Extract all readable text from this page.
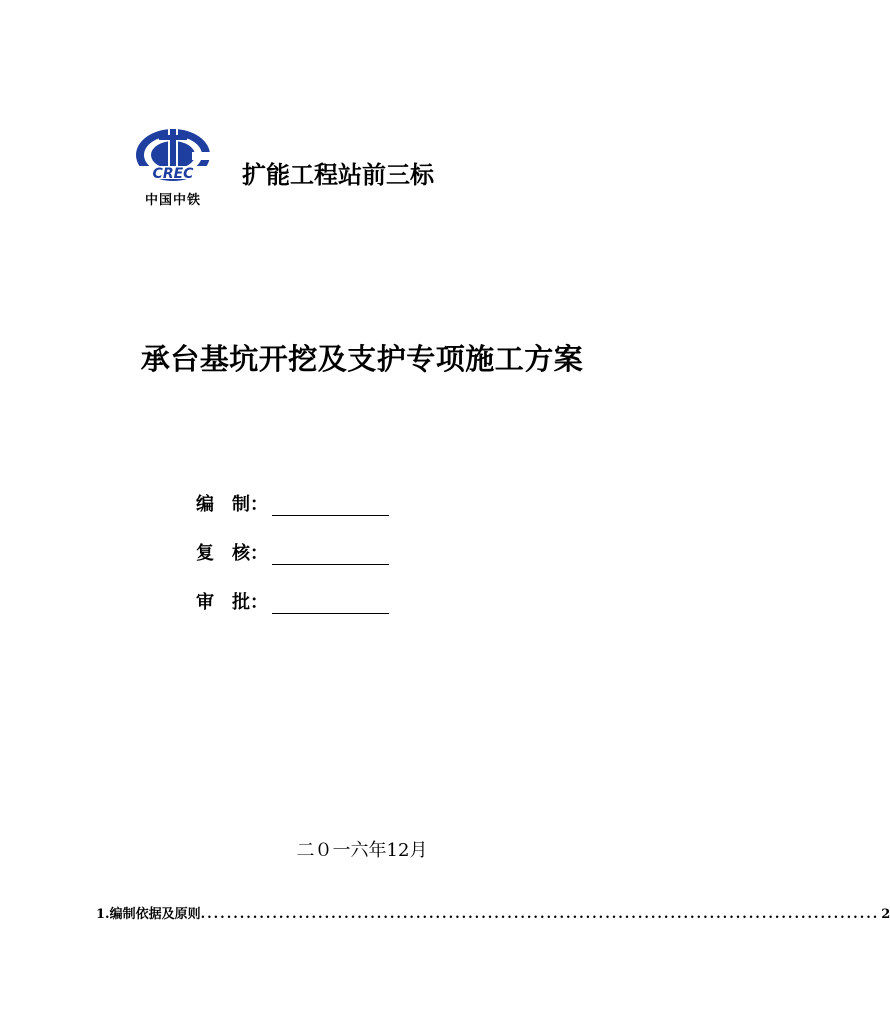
CREC
中国中铁
扩能工程站前三标
承台基坑开挖及支护专项施工方案
编　制：
复　核：
审　批：
二０一六年12月
1. 编制依据及原则 ........................................................................................................ 2
